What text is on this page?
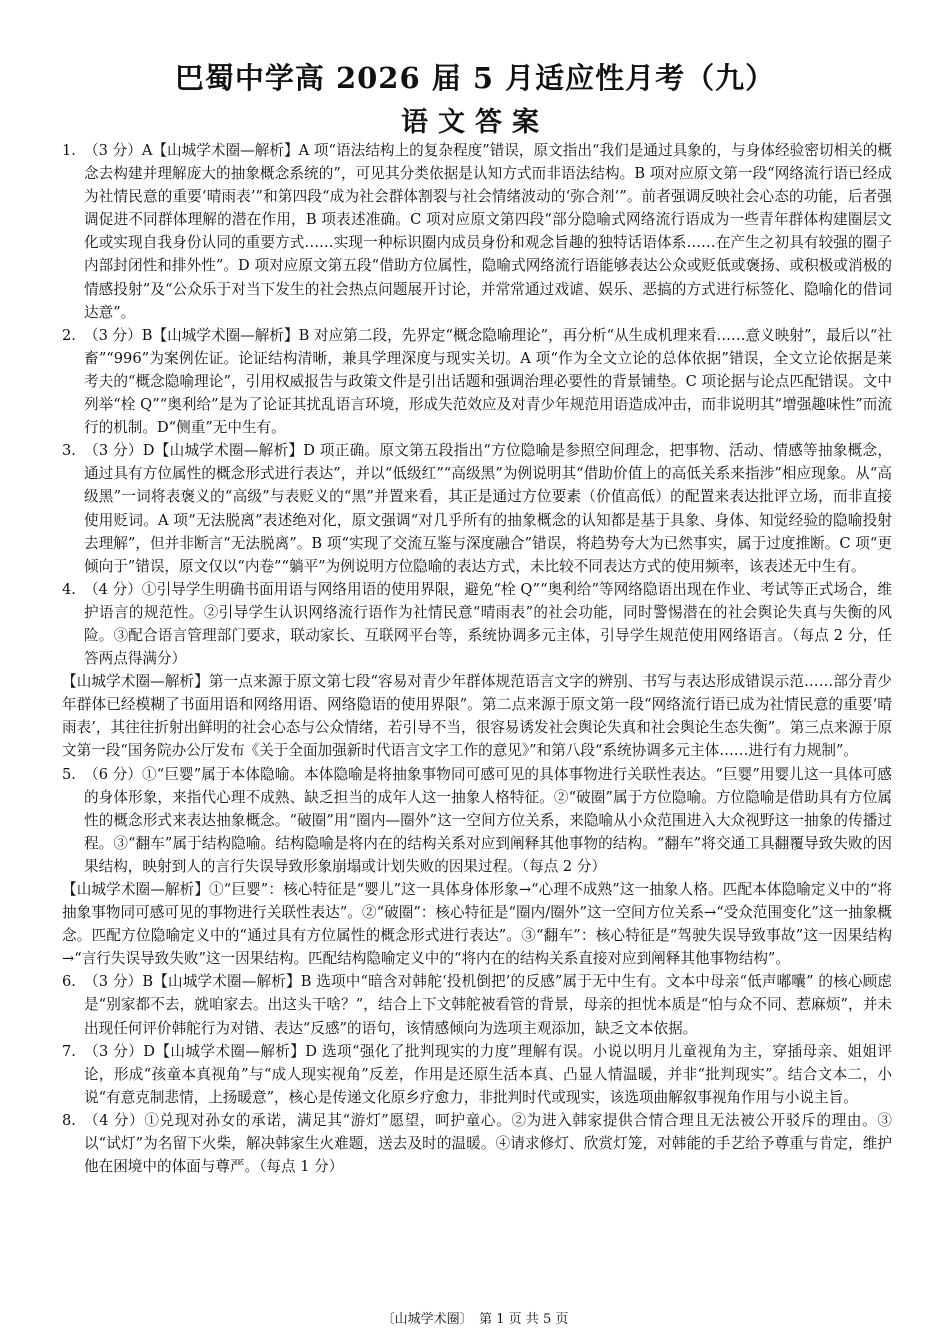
巴蜀中学高 2026 届 5 月适应性月考（九）
语文答案
1. （3 分）A【山城学术圈—解析】A 项“语法结构上的复杂程度”错误，原文指出“我们是通过具象的，与身体经验密切相关的概念去构建并理解庞大的抽象概念系统的”，可见其分类依据是认知方式而非语法结构。B 项对应原文第一段“网络流行语已经成为社情民意的重要‘晴雨表’”和第四段“成为社会群体割裂与社会情绪波动的‘弥合剂’”。前者强调反映社会心态的功能，后者强调促进不同群体理解的潜在作用，B 项表述准确。C 项对应原文第四段“部分隐喻式网络流行语成为一些青年群体构建圈层文化或实现自我身份认同的重要方式……实现一种标识圈内成员身份和观念旨趣的独特话语体系……在产生之初具有较强的圈子内部封闭性和排外性”。D 项对应原文第五段“借助方位属性，隐喻式网络流行语能够表达公众或贬低或褒扬、或积极或消极的情感投射”及“公众乐于对当下发生的社会热点问题展开讨论，并常常通过戏谑、娱乐、恶搞的方式进行标签化、隐喻化的借词达意”。

2. （3 分）B【山城学术圈—解析】B 对应第二段，先界定“概念隐喻理论”，再分析“从生成机理来看……意义映射”，最后以“社畜”“996”为案例佐证。论证结构清晰，兼具学理深度与现实关切。A 项“作为全文立论的总体依据”错误，全文立论依据是莱考夫的“概念隐喻理论”，引用权威报告与政策文件是引出话题和强调治理必要性的背景铺垫。C 项论据与论点匹配错误。文中列举“栓 Q”“奥利给”是为了论证其扰乱语言环境，形成失范效应及对青少年规范用语造成冲击，而非说明其“增强趣味性”而流行的机制。D“侧重”无中生有。

3. （3 分）D【山城学术圈—解析】D 项正确。原文第五段指出“方位隐喻是参照空间理念，把事物、活动、情感等抽象概念，通过具有方位属性的概念形式进行表达”，并以“低级红”“高级黑”为例说明其“借助价值上的高低关系来指涉”相应现象。从“高级黑”一词将表褒义的“高级”与表贬义的“黑”并置来看，其正是通过方位要素（价值高低）的配置来表达批评立场，而非直接使用贬词。A 项“无法脱离”表述绝对化，原文强调“对几乎所有的抽象概念的认知都是基于具象、身体、知觉经验的隐喻投射去理解”，但并非断言“无法脱离”。B 项“实现了交流互鉴与深度融合”错误，将趋势夸大为已然事实，属于过度推断。C 项“更倾向于”错误，原文仅以“内卷”“躺平”为例说明方位隐喻的表达方式，未比较不同表达方式的使用频率，该表述无中生有。

4. （4 分）①引导学生明确书面用语与网络用语的使用界限，避免“栓 Q”“奥利给”等网络隐语出现在作业、考试等正式场合，维护语言的规范性。②引导学生认识网络流行语作为社情民意“晴雨表”的社会功能，同时警惕潜在的社会舆论失真与失衡的风险。③配合语言管理部门要求，联动家长、互联网平台等，系统协调多元主体，引导学生规范使用网络语言。（每点 2 分，任答两点得满分）

【山城学术圈—解析】第一点来源于原文第七段“容易对青少年群体规范语言文字的辨别、书写与表达形成错误示范……部分青少年群体已经模糊了书面用语和网络用语、网络隐语的使用界限”。第二点来源于原文第一段“网络流行语已成为社情民意的重要‘晴雨表’，其往往折射出鲜明的社会心态与公众情绪，若引导不当，很容易诱发社会舆论失真和社会舆论生态失衡”。第三点来源于原文第一段“国务院办公厅发布《关于全面加强新时代语言文字工作的意见》”和第八段“系统协调多元主体……进行有力规制”。

5. （6 分）①“巨婴”属于本体隐喻。本体隐喻是将抽象事物同可感可见的具体事物进行关联性表达。“巨婴”用婴儿这一具体可感的身体形象，来指代心理不成熟、缺乏担当的成年人这一抽象人格特征。②“破圈”属于方位隐喻。方位隐喻是借助具有方位属性的概念形式来表达抽象概念。“破圈”用“圈内—圈外”这一空间方位关系，来隐喻从小众范围进入大众视野这一抽象的传播过程。③“翻车”属于结构隐喻。结构隐喻是将内在的结构关系对应到阐释其他事物的结构。“翻车”将交通工具翻覆导致失败的因果结构，映射到人的言行失误导致形象崩塌或计划失败的因果过程。（每点 2 分）

【山城学术圈—解析】①“巨婴”：核心特征是“婴儿”这一具体身体形象→“心理不成熟”这一抽象人格。匹配本体隐喻定义中的“将抽象事物同可感可见的事物进行关联性表达”。②“破圈”：核心特征是“圈内/圈外”这一空间方位关系→“受众范围变化”这一抽象概念。匹配方位隐喻定义中的“通过具有方位属性的概念形式进行表达”。③“翻车”：核心特征是“驾驶失误导致事故”这一因果结构→“言行失误导致失败”这一因果结构。匹配结构隐喻定义中的“将内在的结构关系直接对应到阐释其他事物结构”。

6. （3 分）B【山城学术圈—解析】B 选项中“暗含对韩舵‘投机倒把’的反感”属于无中生有。文本中母亲“低声嘟囔” 的核心顾虑是“别家都不去，就咱家去。出这头干啥？”，结合上下文韩舵被看管的背景，母亲的担忧本质是“怕与众不同、惹麻烦”，并未出现任何评价韩舵行为对错、表达“反感”的语句，该情感倾向为选项主观添加，缺乏文本依据。

7. （3 分）D【山城学术圈—解析】D 选项“强化了批判现实的力度”理解有误。小说以明月儿童视角为主，穿插母亲、姐姐评论，形成“孩童本真视角”与“成人现实视角”反差，作用是还原生活本真、凸显人情温暖，并非“批判现实”。结合文本二，小说“有意克制悲情，上扬暖意”，核心是传递文化原乡疗愈力，非批判时代或现实，该选项曲解叙事视角作用与小说主旨。

8. （4 分）①兑现对孙女的承诺，满足其“游灯”愿望，呵护童心。②为进入韩家提供合情合理且无法被公开驳斥的理由。③以“试灯”为名留下火柴，解决韩家生火难题，送去及时的温暖。④请求修灯、欣赏灯笼，对韩能的手艺给予尊重与肯定，维护他在困境中的体面与尊严。（每点 1 分）

〔山城学术圈〕　第 1 页 共 5 页
